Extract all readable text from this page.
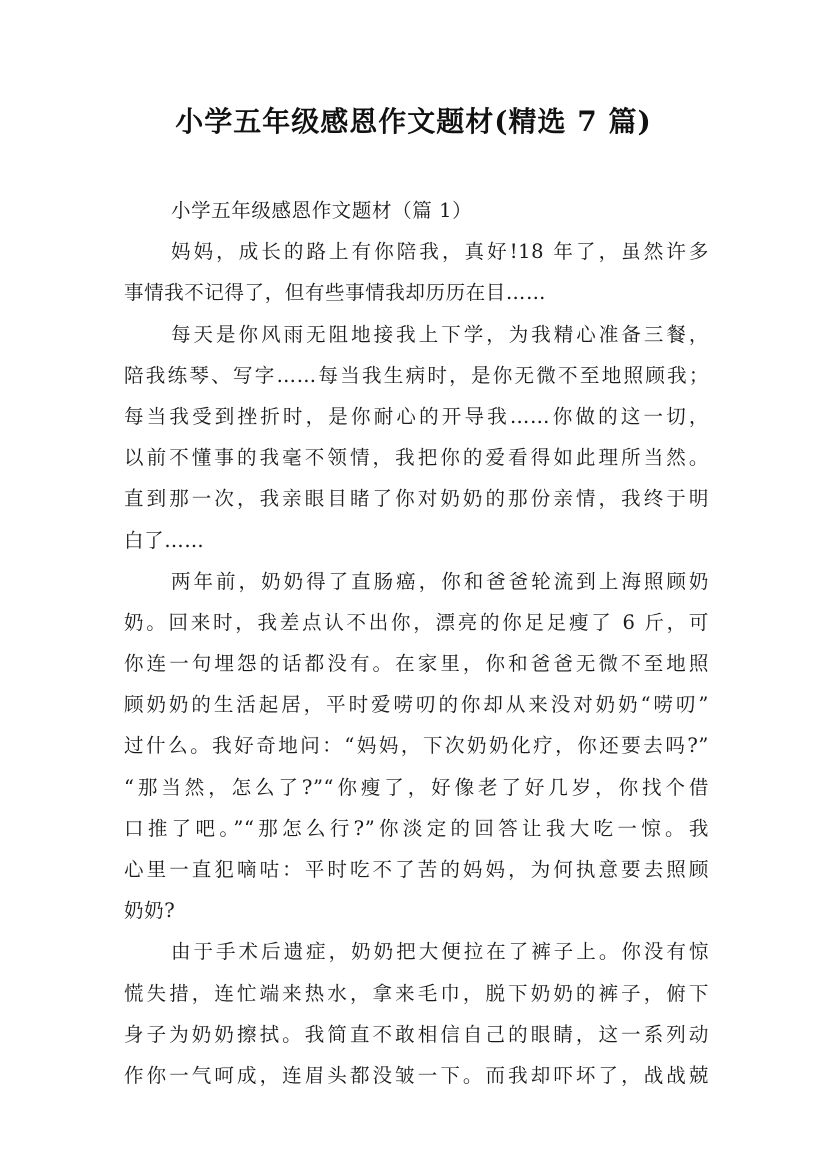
小学五年级感恩作文题材(精选 7 篇)
小学五年级感恩作文题材（篇 1）
妈妈，成长的路上有你陪我，真好!18 年了，虽然许多
事情我不记得了，但有些事情我却历历在目……
每天是你风雨无阻地接我上下学，为我精心准备三餐，
陪我练琴、写字……每当我生病时，是你无微不至地照顾我；
每当我受到挫折时，是你耐心的开导我……你做的这一切，
以前不懂事的我毫不领情，我把你的爱看得如此理所当然。
直到那一次，我亲眼目睹了你对奶奶的那份亲情，我终于明
白了……
两年前，奶奶得了直肠癌，你和爸爸轮流到上海照顾奶
奶。回来时，我差点认不出你，漂亮的你足足瘦了 6 斤，可
你连一句埋怨的话都没有。在家里，你和爸爸无微不至地照
顾奶奶的生活起居，平时爱唠叨的你却从来没对奶奶“唠叨”
过什么。我好奇地问：“妈妈，下次奶奶化疗，你还要去吗?”
“那当然，怎么了?”“你瘦了，好像老了好几岁，你找个借
口推了吧。”“那怎么行?”你淡定的回答让我大吃一惊。我
心里一直犯嘀咕：平时吃不了苦的妈妈，为何执意要去照顾
奶奶?
由于手术后遗症，奶奶把大便拉在了裤子上。你没有惊
慌失措，连忙端来热水，拿来毛巾，脱下奶奶的裤子，俯下
身子为奶奶擦拭。我简直不敢相信自己的眼睛，这一系列动
作你一气呵成，连眉头都没皱一下。而我却吓坏了，战战兢
